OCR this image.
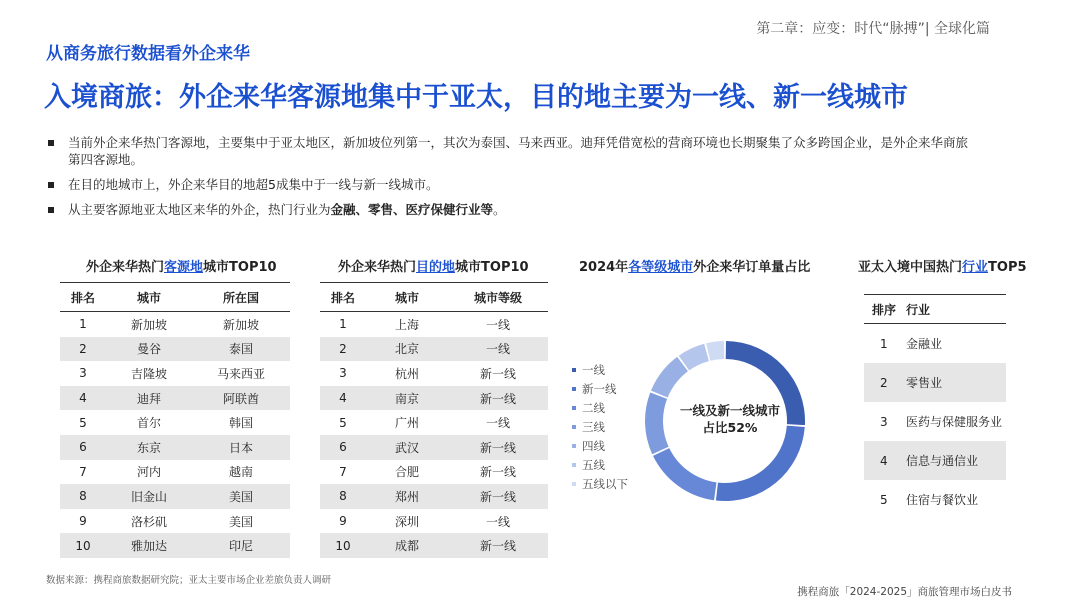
第二章：应变：时代“脉搏”| 全球化篇
从商务旅行数据看外企来华
入境商旅：外企来华客源地集中于亚太，目的地主要为一线、新一线城市
当前外企来华热门客源地，主要集中于亚太地区，新加坡位列第一，其次为泰国、马来西亚。迪拜凭借宽松的营商环境也长期聚集了众多跨国企业，是外企来华商旅第四客源地。
在目的地城市上，外企来华目的地超5成集中于一线与新一线城市。
从主要客源地亚太地区来华的外企，热门行业为金融、零售、医疗保健行业等。
外企来华热门客源地城市TOP10
排名	城市	所在国
1	新加坡	新加坡
2	曼谷	泰国
3	吉隆坡	马来西亚
4	迪拜	阿联酋
5	首尔	韩国
6	东京	日本
7	河内	越南
8	旧金山	美国
9	洛杉矶	美国
10	雅加达	印尼
外企来华热门目的地城市TOP10
排名	城市	城市等级
1	上海	一线
2	北京	一线
3	杭州	新一线
4	南京	新一线
5	广州	一线
6	武汉	新一线
7	合肥	新一线
8	郑州	新一线
9	深圳	一线
10	成都	新一线
2024年各等级城市外企来华订单量占比
一线
新一线
二线
三线
四线
五线
五线以下
一线及新一线城市
占比52%
亚太入境中国热门行业TOP5
排序	行业
1	金融业
2	零售业
3	医药与保健服务业
4	信息与通信业
5	住宿与餐饮业
数据来源：携程商旅数据研究院；亚太主要市场企业差旅负责人调研
携程商旅「2024-2025」商旅管理市场白皮书
